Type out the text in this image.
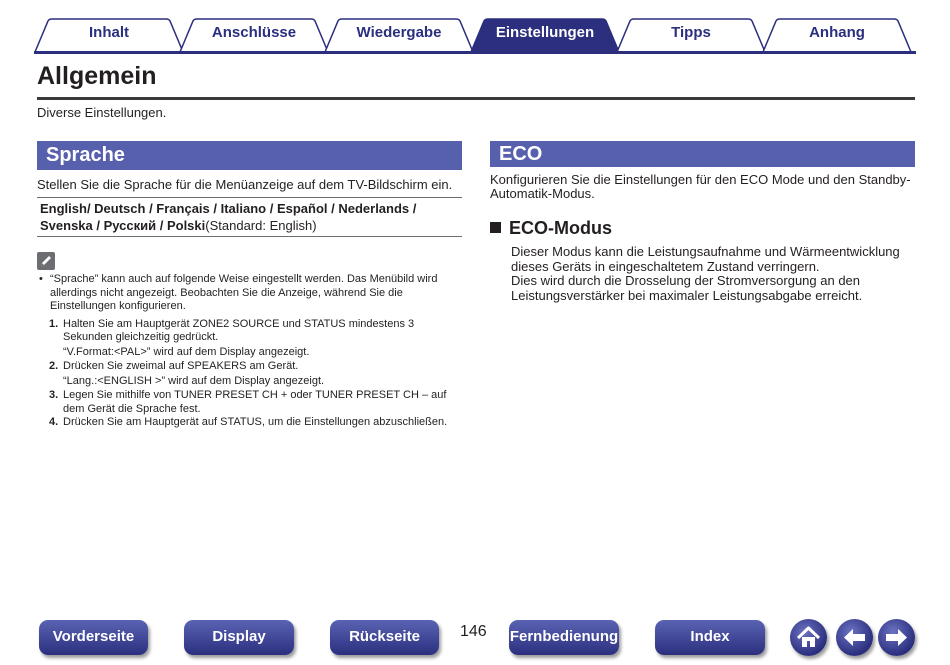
Inhalt	Anschlüsse	Wiedergabe	Einstellungen	Tipps	Anhang
Allgemein
Diverse Einstellungen.
Sprache
Stellen Sie die Sprache für die Menüanzeige auf dem TV-Bildschirm ein.
English/ Deutsch / Français / Italiano / Español / Nederlands /
Svenska / Русский / Polski(Standard: English)
• “Sprache” kann auch auf folgende Weise eingestellt werden. Das Menübild wird allerdings nicht angezeigt. Beobachten Sie die Anzeige, während Sie die Einstellungen konfigurieren.
1. Halten Sie am Hauptgerät ZONE2 SOURCE und STATUS mindestens 3 Sekunden gleichzeitig gedrückt.
“V.Format:<PAL>” wird auf dem Display angezeigt.
2. Drücken Sie zweimal auf SPEAKERS am Gerät.
“Lang.:<ENGLISH >” wird auf dem Display angezeigt.
3. Legen Sie mithilfe von TUNER PRESET CH + oder TUNER PRESET CH – auf dem Gerät die Sprache fest.
4. Drücken Sie am Hauptgerät auf STATUS, um die Einstellungen abzuschließen.
ECO
Konfigurieren Sie die Einstellungen für den ECO Mode und den Standby-Automatik-Modus.
ECO-Modus

Dieser Modus kann die Leistungsaufnahme und Wärmeentwicklung dieses Geräts in eingeschaltetem Zustand verringern.

Dies wird durch die Drosselung der Stromversorgung an den Leistungsverstärker bei maximaler Leistungsabgabe erreicht.

Vorderseite	Display	Rückseite	146 Fernbedienung	Index
